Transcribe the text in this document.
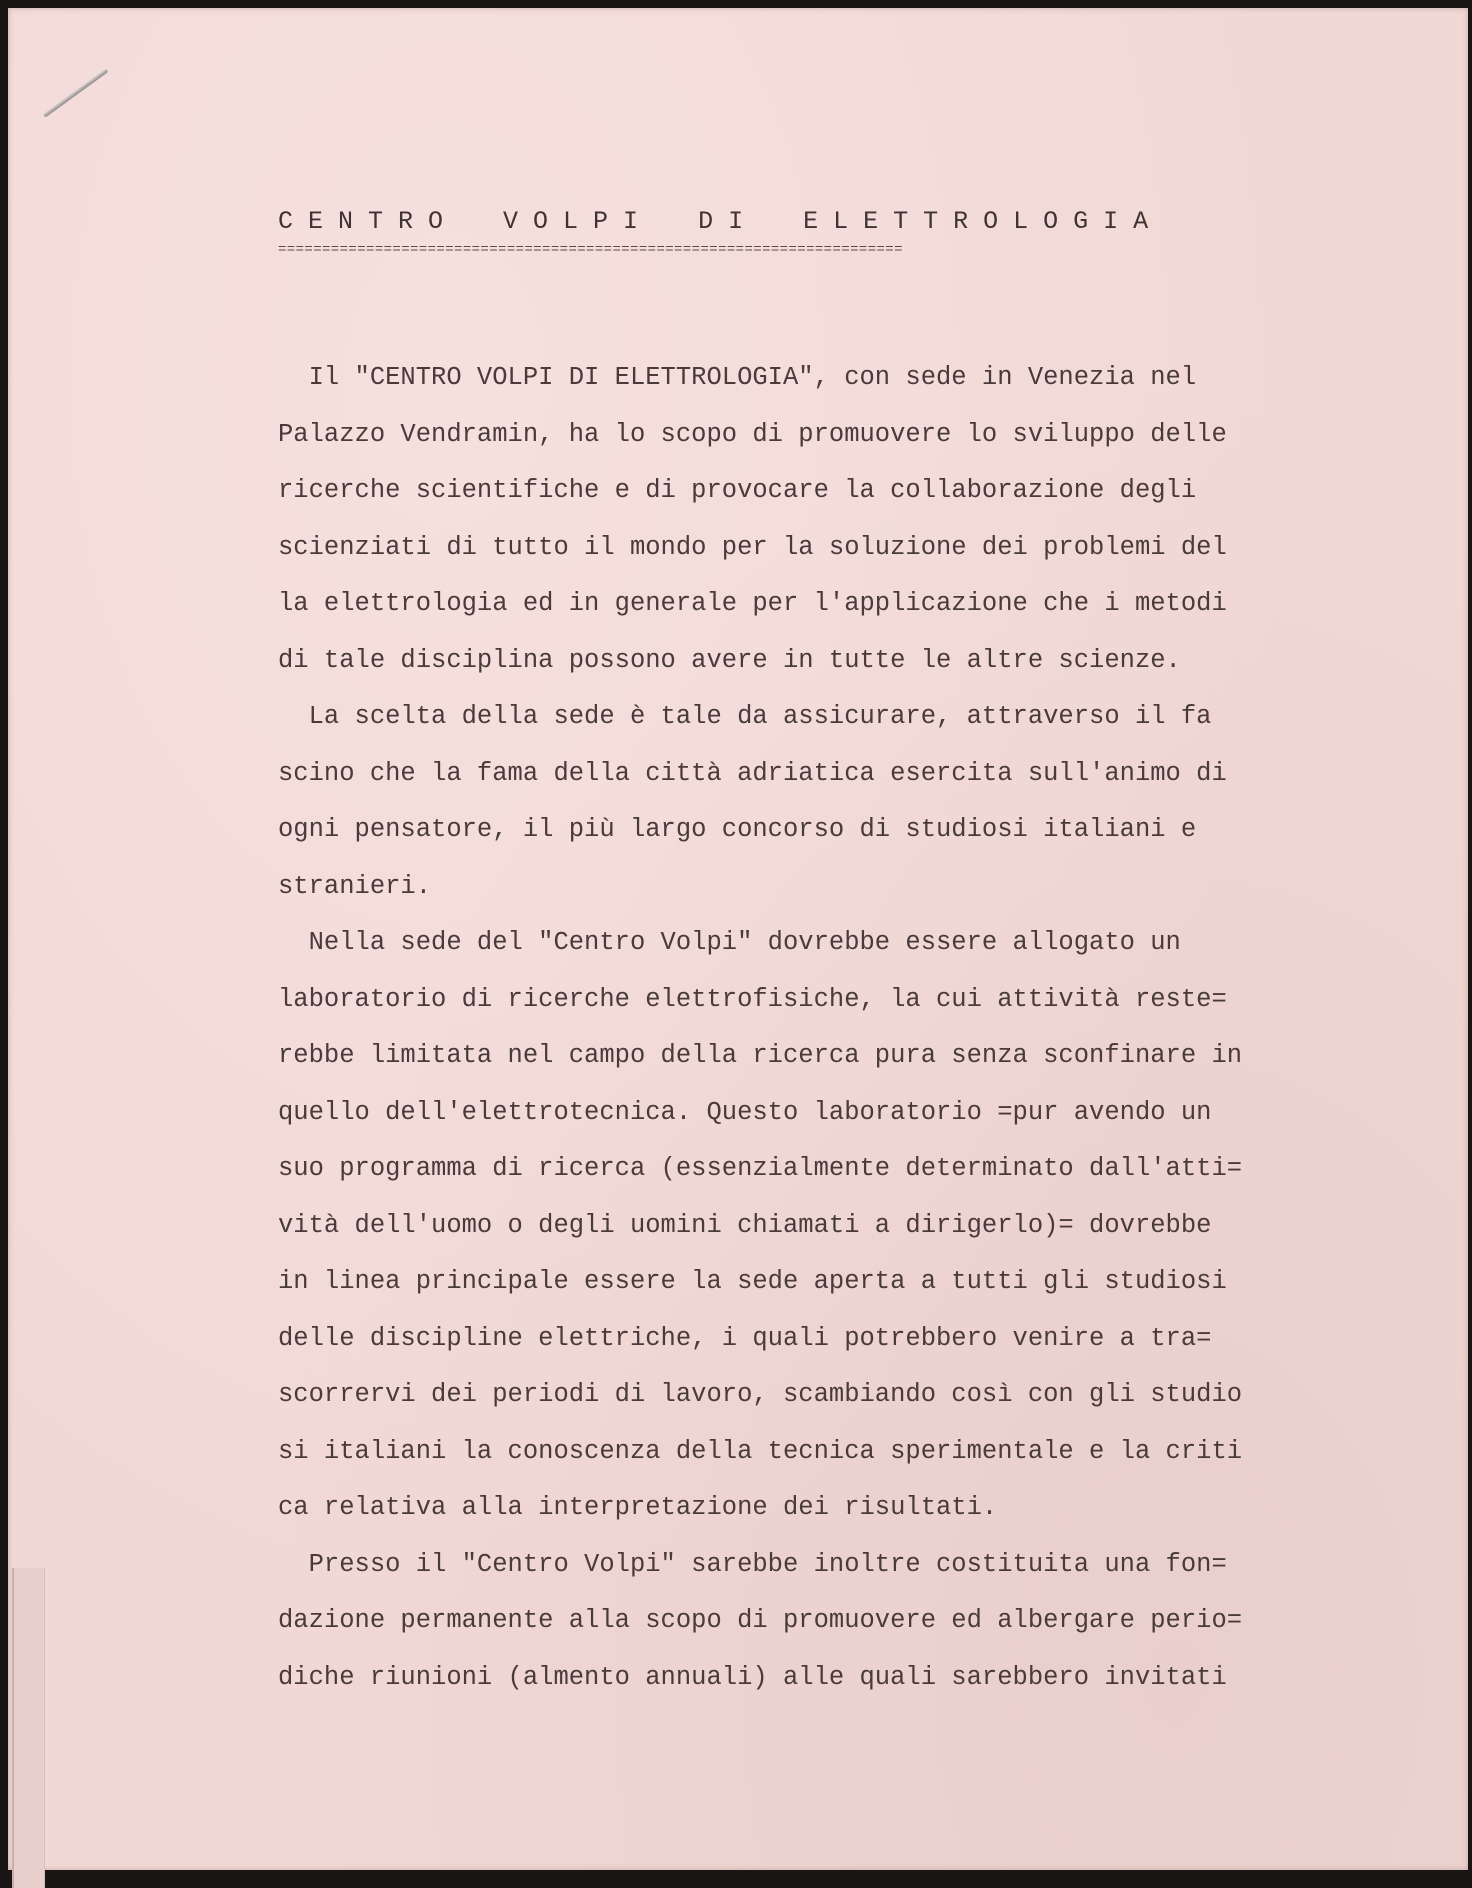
C E N T R O    V O L P I    D I    E L E T T R O L O G I A
=======================================================================
Il "CENTRO VOLPI DI ELETTROLOGIA", con sede in Venezia nel
Palazzo Vendramin, ha lo scopo di promuovere lo sviluppo delle
ricerche scientifiche e di provocare la collaborazione degli
scienziati di tutto il mondo per la soluzione dei problemi del
la elettrologia ed in generale per l'applicazione che i metodi
di tale disciplina possono avere in tutte le altre scienze.
La scelta della sede è tale da assicurare, attraverso il fa
scino che la fama della città adriatica esercita sull'animo di
ogni pensatore, il più largo concorso di studiosi italiani e
stranieri.
Nella sede del "Centro Volpi" dovrebbe essere allogato un
laboratorio di ricerche elettrofisiche, la cui attività reste=
rebbe limitata nel campo della ricerca pura senza sconfinare in
quello dell'elettrotecnica. Questo laboratorio =pur avendo un
suo programma di ricerca (essenzialmente determinato dall'atti=
vità dell'uomo o degli uomini chiamati a dirigerlo)= dovrebbe
in linea principale essere la sede aperta a tutti gli studiosi
delle discipline elettriche, i quali potrebbero venire a tra=
scorrervi dei periodi di lavoro, scambiando così con gli studio
si italiani la conoscenza della tecnica sperimentale e la criti
ca relativa alla interpretazione dei risultati.
Presso il "Centro Volpi" sarebbe inoltre costituita una fon=
dazione permanente alla scopo di promuovere ed albergare perio=
diche riunioni (almento annuali) alle quali sarebbero invitati
